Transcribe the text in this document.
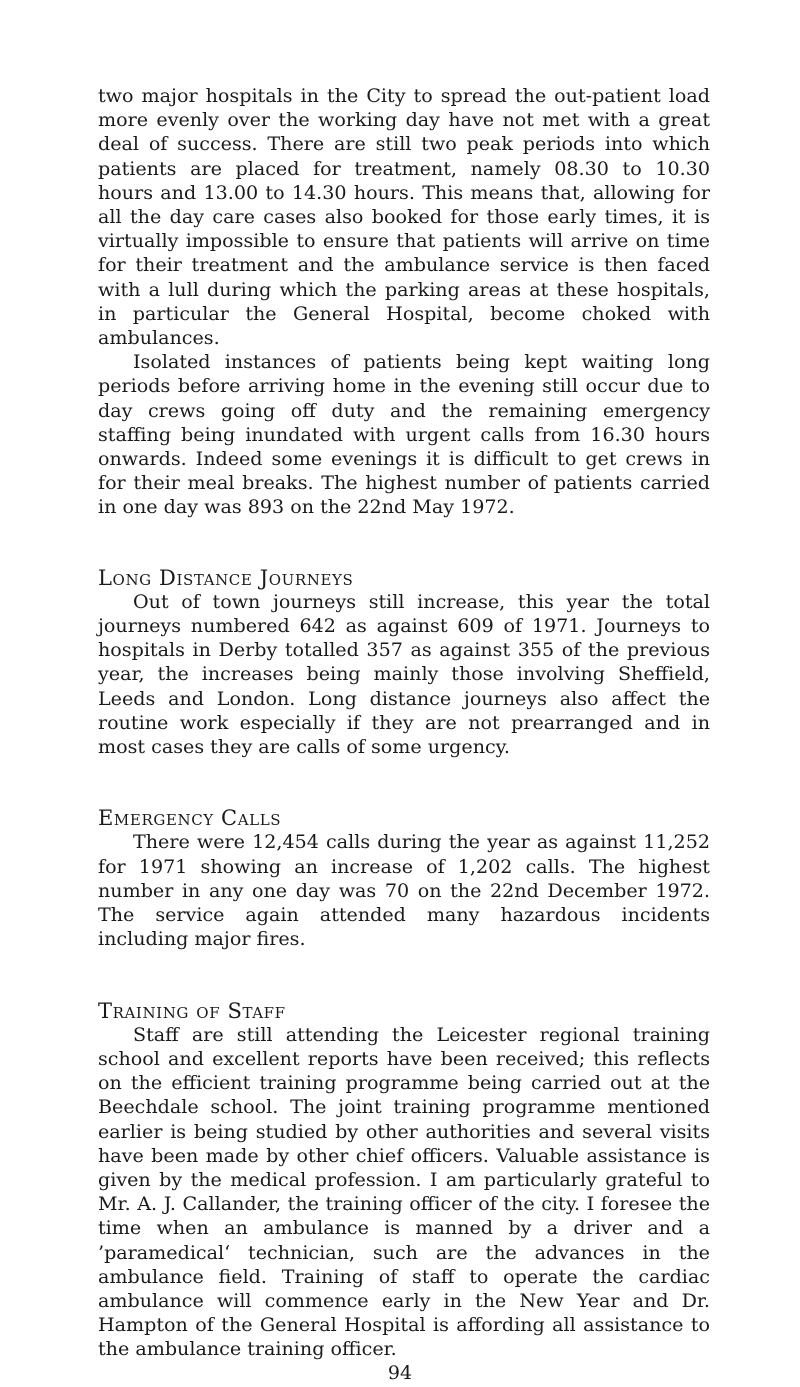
two major hospitals in the City to spread the out-patient load more evenly over the working day have not met with a great deal of success. There are still two peak periods into which patients are placed for treatment, namely 08.30 to 10.30 hours and 13.00 to 14.30 hours. This means that, allowing for all the day care cases also booked for those early times, it is virtually impossible to ensure that patients will arrive on time for their treatment and the ambulance service is then faced with a lull during which the parking areas at these hospitals, in particular the General Hospital, become choked with ambulances.

Isolated instances of patients being kept waiting long periods before arriving home in the evening still occur due to day crews going off duty and the remaining emergency staffing being inundated with urgent calls from 16.30 hours onwards. Indeed some evenings it is difficult to get crews in for their meal breaks. The highest number of patients carried in one day was 893 on the 22nd May 1972.

Long Distance Journeys

Out of town journeys still increase, this year the total journeys numbered 642 as against 609 of 1971. Journeys to hospitals in Derby totalled 357 as against 355 of the previous year, the increases being mainly those involving Sheffield, Leeds and London. Long distance journeys also affect the routine work especially if they are not prearranged and in most cases they are calls of some urgency.

Emergency Calls

There were 12,454 calls during the year as against 11,252 for 1971 showing an increase of 1,202 calls. The highest number in any one day was 70 on the 22nd December 1972. The service again attended many hazardous incidents including major fires.

Training of Staff

Staff are still attending the Leicester regional training school and excellent reports have been received; this reflects on the efficient training programme being carried out at the Beechdale school. The joint training programme mentioned earlier is being studied by other authorities and several visits have been made by other chief officers. Valuable assistance is given by the medical profession. I am particularly grateful to Mr. A. J. Callander, the training officer of the city. I foresee the time when an ambulance is manned by a driver and a ’paramedical‘ technician, such are the advances in the ambulance field. Training of staff to operate the cardiac ambulance will commence early in the New Year and Dr. Hampton of the General Hospital is affording all assistance to the ambulance training officer.

94
